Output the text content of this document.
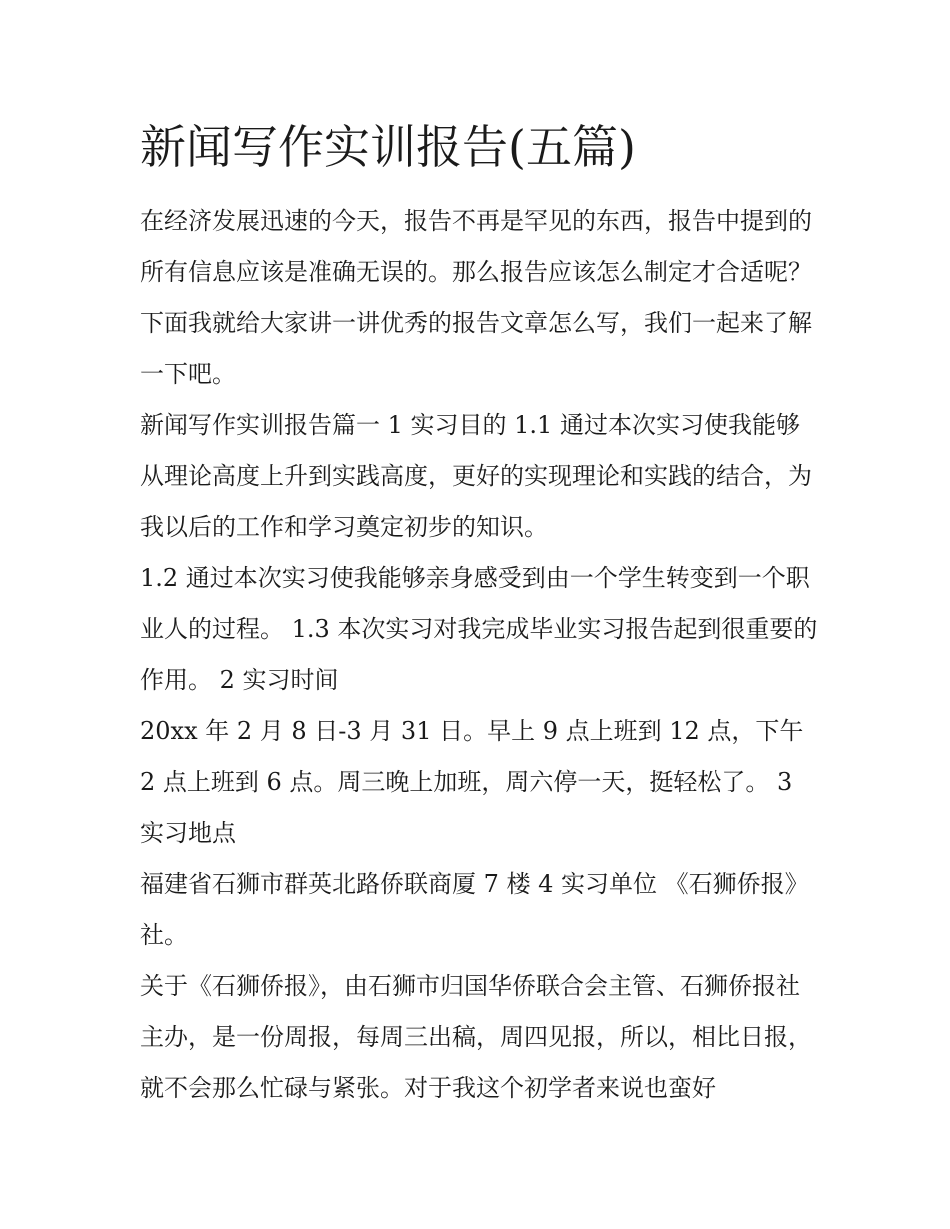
新闻写作实训报告(五篇)

在经济发展迅速的今天，报告不再是罕见的东西，报告中提到的所有信息应该是准确无误的。那么报告应该怎么制定才合适呢？下面我就给大家讲一讲优秀的报告文章怎么写，我们一起来了解一下吧。

新闻写作实训报告篇一 1 实习目的 1.1 通过本次实习使我能够从理论高度上升到实践高度，更好的实现理论和实践的结合，为我以后的工作和学习奠定初步的知识。

1.2 通过本次实习使我能够亲身感受到由一个学生转变到一个职业人的过程。 1.3 本次实习对我完成毕业实习报告起到很重要的作用。 2 实习时间

20xx 年 2 月 8 日-3 月 31 日。早上 9 点上班到 12 点，下午 2 点上班到 6 点。周三晚上加班，周六停一天，挺轻松了。 3 实习地点

福建省石狮市群英北路侨联商厦 7 楼 4 实习单位 《石狮侨报》社。

关于《石狮侨报》，由石狮市归国华侨联合会主管、石狮侨报社主办，是一份周报，每周三出稿，周四见报，所以，相比日报，就不会那么忙碌与紧张。对于我这个初学者来说也蛮好
